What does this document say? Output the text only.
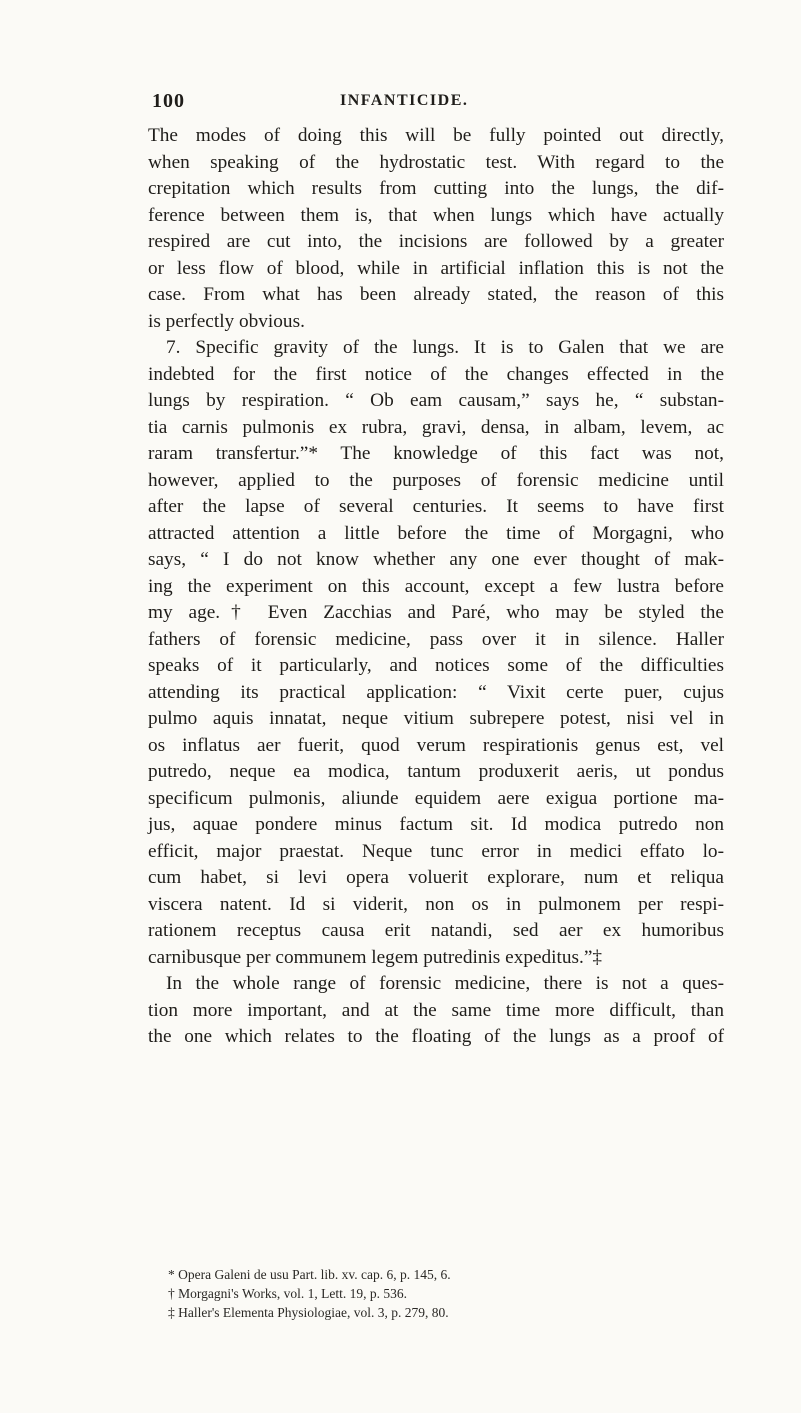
100	INFANTICIDE.
The modes of doing this will be fully pointed out directly,
when speaking of the hydrostatic test. With regard to the
crepitation which results from cutting into the lungs, the dif-
ference between them is, that when lungs which have actually
respired are cut into, the incisions are followed by a greater
or less flow of blood, while in artificial inflation this is not the
case. From what has been already stated, the reason of this
is perfectly obvious.
7. Specific gravity of the lungs. It is to Galen that we are
indebted for the first notice of the changes effected in the
lungs by respiration. “ Ob eam causam,” says he, “ substan-
tia carnis pulmonis ex rubra, gravi, densa, in albam, levem, ac
raram transfertur.”* The knowledge of this fact was not,
however, applied to the purposes of forensic medicine until
after the lapse of several centuries. It seems to have first
attracted attention a little before the time of Morgagni, who
says, “ I do not know whether any one ever thought of mak-
ing the experiment on this account, except a few lustra before
my age.† Even Zacchias and Paré, who may be styled the
fathers of forensic medicine, pass over it in silence. Haller
speaks of it particularly, and notices some of the difficulties
attending its practical application: “ Vixit certe puer, cujus
pulmo aquis innatat, neque vitium subrepere potest, nisi vel in
os inflatus aer fuerit, quod verum respirationis genus est, vel
putredo, neque ea modica, tantum produxerit aeris, ut pondus
specificum pulmonis, aliunde equidem aere exigua portione ma-
jus, aquae pondere minus factum sit. Id modica putredo non
efficit, major praestat. Neque tunc error in medici effato lo-
cum habet, si levi opera voluerit explorare, num et reliqua
viscera natent. Id si viderit, non os in pulmonem per respi-
rationem receptus causa erit natandi, sed aer ex humoribus
carnibusque per communem legem putredinis expeditus.”‡
In the whole range of forensic medicine, there is not a ques-
tion more important, and at the same time more difficult, than
the one which relates to the floating of the lungs as a proof of
* Opera Galeni de usu Part. lib. xv. cap. 6, p. 145, 6.
† Morgagni's Works, vol. 1, Lett. 19, p. 536.
‡ Haller's Elementa Physiologiae, vol. 3, p. 279, 80.
